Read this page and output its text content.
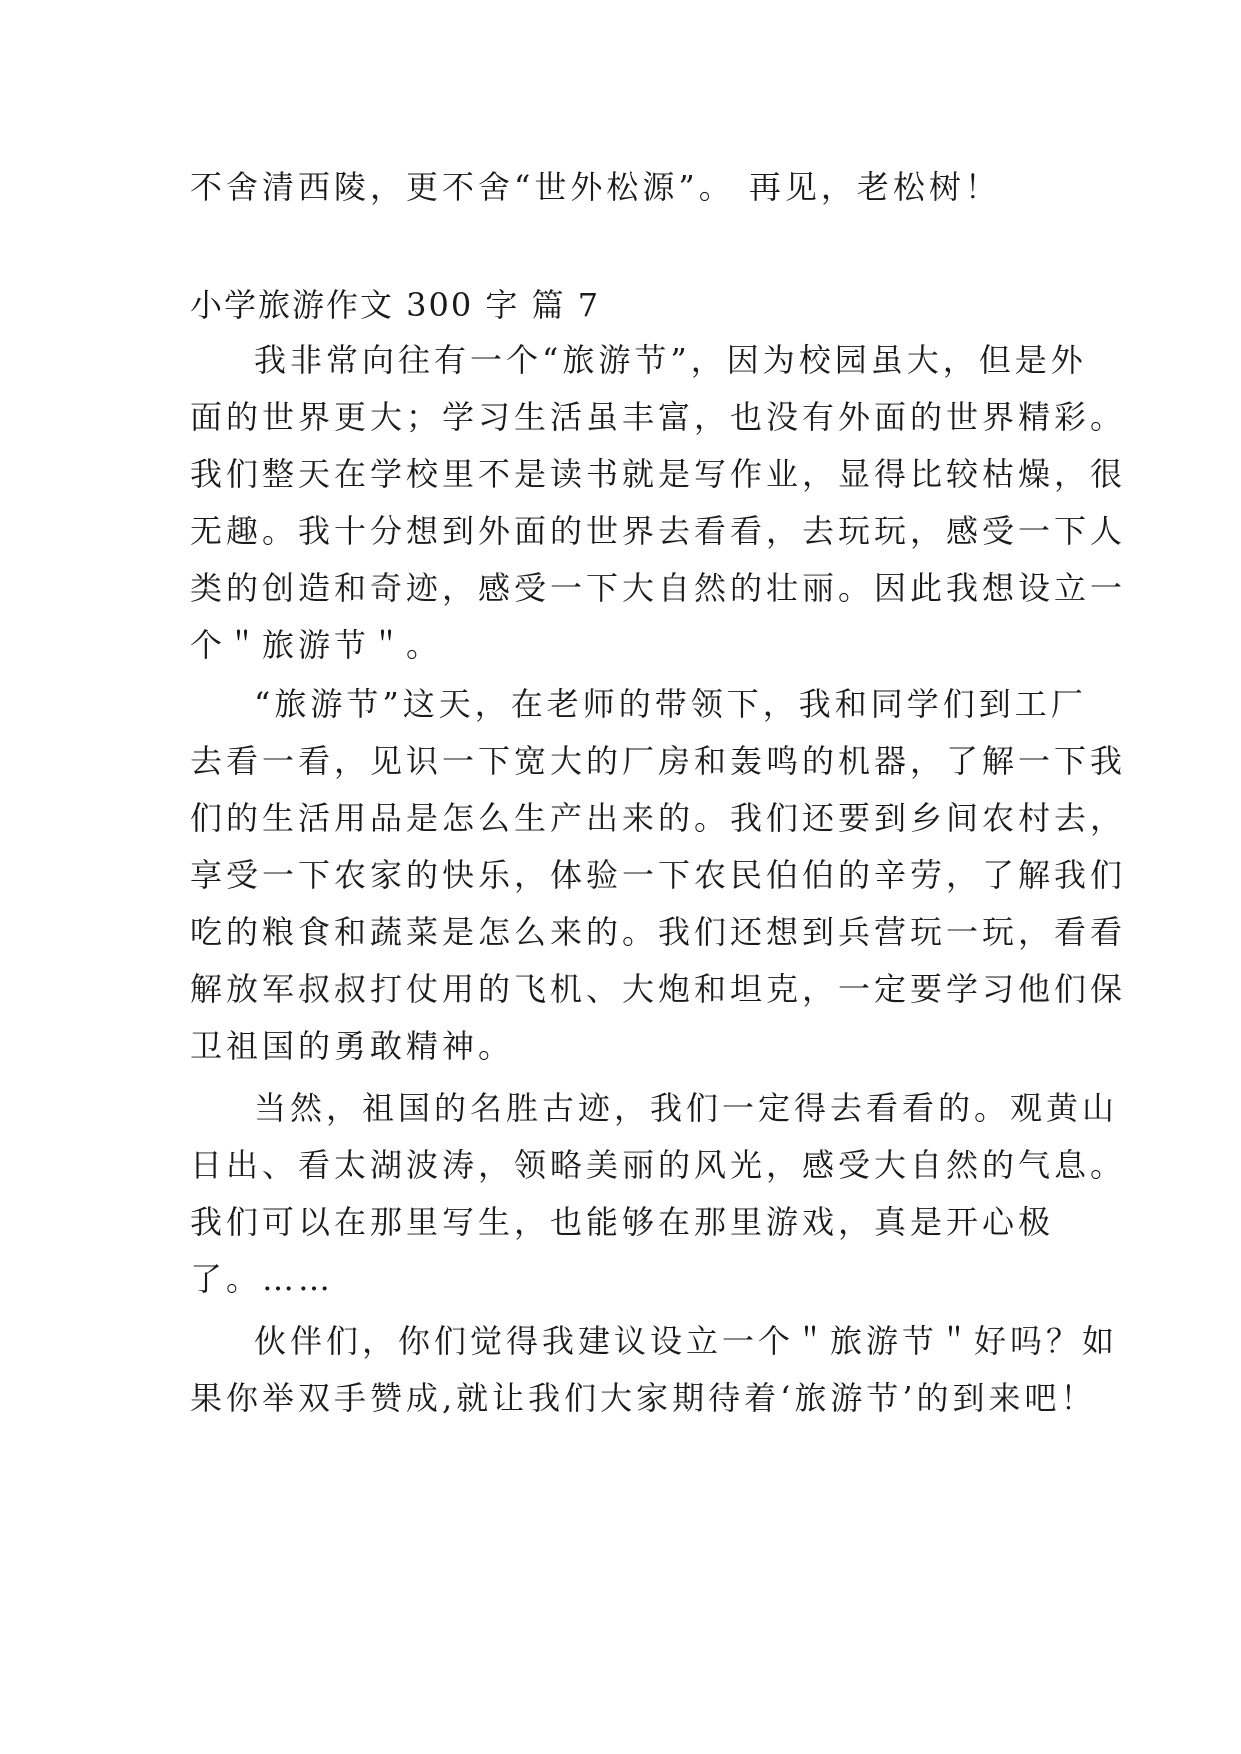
不舍清西陵，更不舍“世外松源”。 再见，老松树！
小学旅游作文 300 字 篇 7
我非常向往有一个“旅游节”，因为校园虽大，但是外
面的世界更大；学习生活虽丰富，也没有外面的世界精彩。
我们整天在学校里不是读书就是写作业，显得比较枯燥，很
无趣。我十分想到外面的世界去看看，去玩玩，感受一下人
类的创造和奇迹，感受一下大自然的壮丽。因此我想设立一
个＂旅游节＂。
“旅游节”这天，在老师的带领下，我和同学们到工厂
去看一看，见识一下宽大的厂房和轰鸣的机器，了解一下我
们的生活用品是怎么生产出来的。我们还要到乡间农村去，
享受一下农家的快乐，体验一下农民伯伯的辛劳，了解我们
吃的粮食和蔬菜是怎么来的。我们还想到兵营玩一玩，看看
解放军叔叔打仗用的飞机、大炮和坦克，一定要学习他们保
卫祖国的勇敢精神。
当然，祖国的名胜古迹，我们一定得去看看的。观黄山
日出、看太湖波涛，领略美丽的风光，感受大自然的气息。
我们可以在那里写生，也能够在那里游戏，真是开心极
了。……
伙伴们，你们觉得我建议设立一个＂旅游节＂好吗？如
果你举双手赞成,就让我们大家期待着‘旅游节’的到来吧！
